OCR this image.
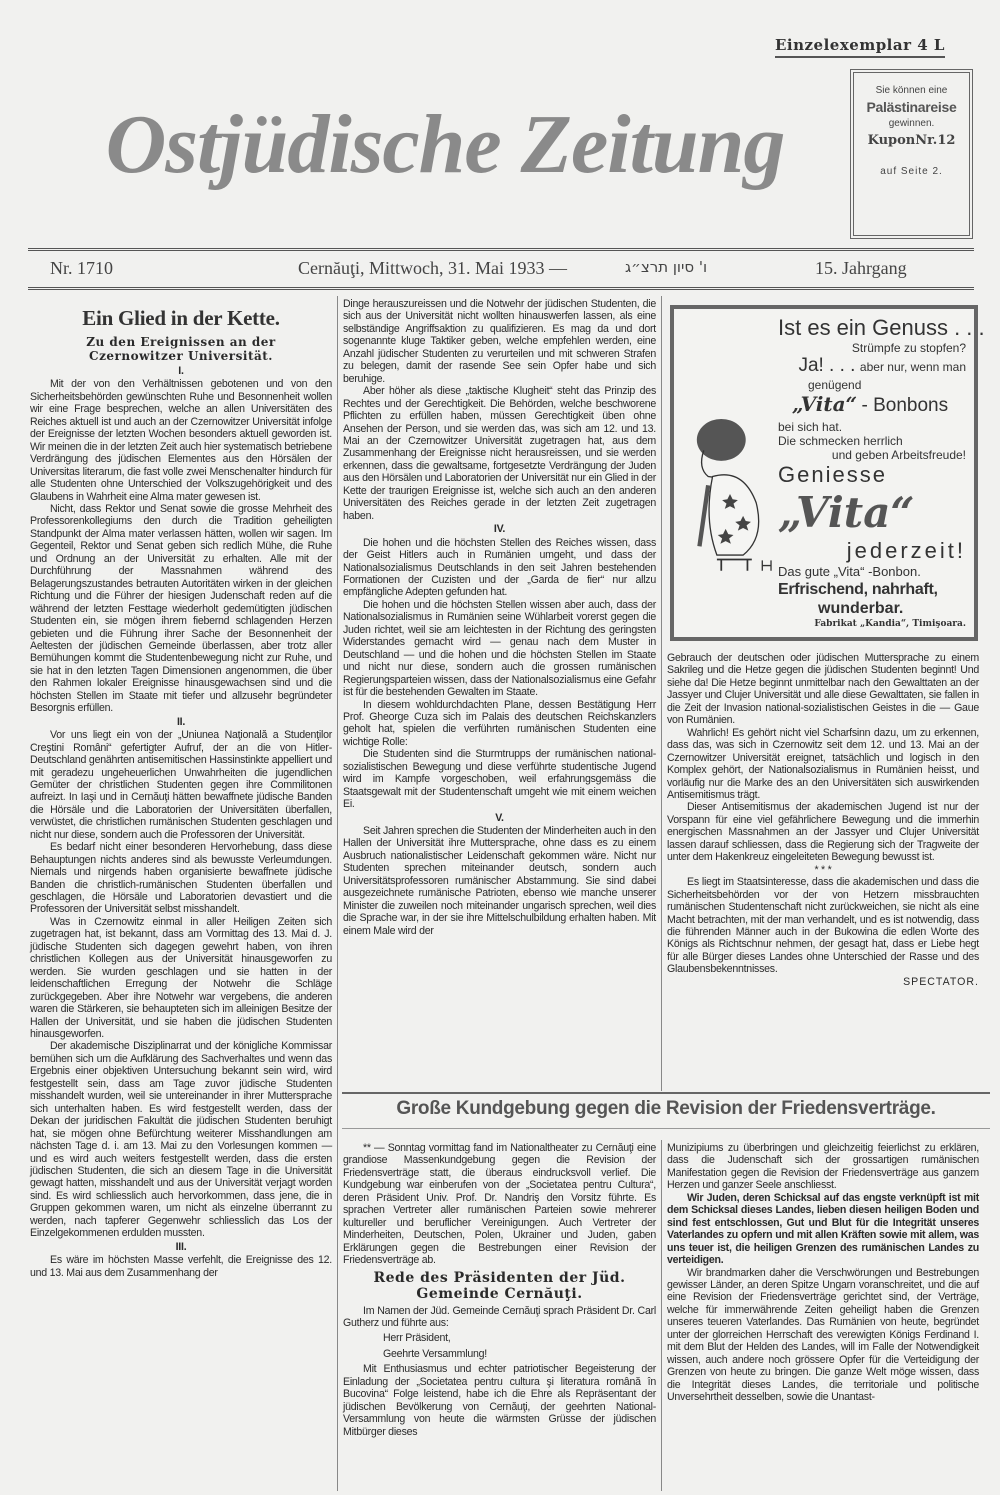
Einzelexemplar 4 L
Ostjüdische Zeitung
Sie können eine
Palästinareise
gewinnen.
KuponNr.12
auf Seite 2.
Nr. 1710	Cernăuţi, Mittwoch, 31. Mai 1933 —	ו' סיון תרצ״ג	15. Jahrgang
Ein Glied in der Kette.

Zu den Ereignissen an der Czernowitzer Universität.

I.

Mit der von den Verhältnissen gebotenen und von den Sicherheitsbehörden gewünschten Ruhe und Besonnenheit wollen wir eine Frage besprechen, welche an allen Universitäten des Reiches aktuell ist und auch an der Czernowitzer Universität infolge der Ereignisse der letzten Wochen besonders aktuell geworden ist. Wir meinen die in der letzten Zeit auch hier systematisch betriebene Verdrängung des jüdischen Elementes aus den Hörsälen der Universitas literarum, die fast volle zwei Menschenalter hindurch für alle Studenten ohne Unterschied der Volkszugehörigkeit und des Glaubens in Wahrheit eine Alma mater gewesen ist.

Nicht, dass Rektor und Senat sowie die grosse Mehrheit des Professorenkollegiums den durch die Tradition geheiligten Standpunkt der Alma mater verlassen hätten, wollen wir sagen. Im Gegenteil, Rektor und Senat geben sich redlich Mühe, die Ruhe und Ordnung an der Universität zu erhalten. Alle mit der Durchführung der Massnahmen während des Belagerungszustandes betrauten Autoritäten wirken in der gleichen Richtung und die Führer der hiesigen Judenschaft reden auf die während der letzten Festtage wiederholt gedemütigten jüdischen Studenten ein, sie mögen ihrem fiebernd schlagenden Herzen gebieten und die Führung ihrer Sache der Besonnenheit der Aeltesten der jüdischen Gemeinde überlassen, aber trotz aller Bemühungen kommt die Studentenbewegung nicht zur Ruhe, und sie hat in den letzten Tagen Dimensionen angenommen, die über den Rahmen lokaler Ereignisse hinausgewachsen sind und die höchsten Stellen im Staate mit tiefer und allzusehr begründeter Besorgnis erfüllen.

II.

Vor uns liegt ein von der „Uniunea Naţională a Studenţilor Creştini Români“ gefertigter Aufruf, der an die von Hitler-Deutschland genährten antisemitischen Hassinstinkte appelliert und mit geradezu ungeheuerlichen Unwahrheiten die jugendlichen Gemüter der christlichen Studenten gegen ihre Commilitonen aufreizt. In Iaşi und in Cernăuţi hätten bewaffnete jüdische Banden die Hörsäle und die Laboratorien der Universitäten überfallen, verwüstet, die christlichen rumänischen Studenten geschlagen und nicht nur diese, sondern auch die Professoren der Universität.

Es bedarf nicht einer besonderen Hervorhebung, dass diese Behauptungen nichts anderes sind als bewusste Verleumdungen. Niemals und nirgends haben organisierte bewaffnete jüdische Banden die christlich-rumänischen Studenten überfallen und geschlagen, die Hörsäle und Laboratorien devastiert und die Professoren der Universität selbst misshandelt.

Was in Czernowitz einmal in aller Heiligen Zeiten sich zugetragen hat, ist bekannt, dass am Vormittag des 13. Mai d. J. jüdische Studenten sich dagegen gewehrt haben, von ihren christlichen Kollegen aus der Universität hinausgeworfen zu werden. Sie wurden geschlagen und sie hatten in der leidenschaftlichen Erregung der Notwehr die Schläge zurückgegeben. Aber ihre Notwehr war vergebens, die anderen waren die Stärkeren, sie behaupteten sich im alleinigen Besitze der Hallen der Universität, und sie haben die jüdischen Studenten hinausgeworfen.

Der akademische Disziplinarrat und der königliche Kommissar bemühen sich um die Aufklärung des Sachverhaltes und wenn das Ergebnis einer objektiven Untersuchung bekannt sein wird, wird festgestellt sein, dass am Tage zuvor jüdische Studenten misshandelt wurden, weil sie untereinander in ihrer Muttersprache sich unterhalten haben. Es wird festgestellt werden, dass der Dekan der juridischen Fakultät die jüdischen Studenten beruhigt hat, sie mögen ohne Befürchtung weiterer Misshandlungen am nächsten Tage d. i. am 13. Mai zu den Vorlesungen kommen — und es wird auch weiters festgestellt werden, dass die ersten jüdischen Studenten, die sich an diesem Tage in die Universität gewagt hatten, misshandelt und aus der Universität verjagt worden sind. Es wird schliesslich auch hervorkommen, dass jene, die in Gruppen gekommen waren, um nicht als einzelne überrannt zu werden, nach tapferer Gegenwehr schliesslich das Los der Einzelgekommenen erdulden mussten.

III.

Es wäre im höchsten Masse verfehlt, die Ereignisse des 12. und 13. Mai aus dem Zusammenhang der

Dinge herauszureissen und die Notwehr der jüdischen Studenten, die sich aus der Universität nicht wollten hinauswerfen lassen, als eine selbständige Angriffsaktion zu qualifizieren. Es mag da und dort sogenannte kluge Taktiker geben, welche empfehlen werden, eine Anzahl jüdischer Studenten zu verurteilen und mit schweren Strafen zu belegen, damit der rasende See sein Opfer habe und sich beruhige.

Aber höher als diese „taktische Klugheit“ steht das Prinzip des Rechtes und der Gerechtigkeit. Die Behörden, welche beschworene Pflichten zu erfüllen haben, müssen Gerechtigkeit üben ohne Ansehen der Person, und sie werden das, was sich am 12. und 13. Mai an der Czernowitzer Universität zugetragen hat, aus dem Zusammenhang der Ereignisse nicht herausreissen, und sie werden erkennen, dass die gewaltsame, fortgesetzte Verdrängung der Juden aus den Hörsälen und Laboratorien der Universität nur ein Glied in der Kette der traurigen Ereignisse ist, welche sich auch an den anderen Universitäten des Reiches gerade in der letzten Zeit zugetragen haben.

IV.

Die hohen und die höchsten Stellen des Reiches wissen, dass der Geist Hitlers auch in Rumänien umgeht, und dass der Nationalsozialismus Deutschlands in den seit Jahren bestehenden Formationen der Cuzisten und der „Garda de fier“ nur allzu empfängliche Adepten gefunden hat.

Die hohen und die höchsten Stellen wissen aber auch, dass der Nationalsozialismus in Rumänien seine Wühlarbeit vorerst gegen die Juden richtet, weil sie am leichtesten in der Richtung des geringsten Widerstandes gemacht wird — genau nach dem Muster in Deutschland — und die hohen und die höchsten Stellen im Staate und nicht nur diese, sondern auch die grossen rumänischen Regierungsparteien wissen, dass der Nationalsozialismus eine Gefahr ist für die bestehenden Gewalten im Staate.

In diesem wohldurchdachten Plane, dessen Bestätigung Herr Prof. Gheorge Cuza sich im Palais des deutschen Reichskanzlers geholt hat, spielen die verführten rumänischen Studenten eine wichtige Rolle:

Die Studenten sind die Sturmtrupps der rumänischen national-sozialistischen Bewegung und diese verführte studentische Jugend wird im Kampfe vorgeschoben, weil erfahrungsgemäss die Staatsgewalt mit der Studentenschaft umgeht wie mit einem weichen Ei.

V.

Seit Jahren sprechen die Studenten der Minderheiten auch in den Hallen der Universität ihre Muttersprache, ohne dass es zu einem Ausbruch nationalistischer Leidenschaft gekommen wäre. Nicht nur Studenten sprechen miteinander deutsch, sondern auch Universitätsprofessoren rumänischer Abstammung. Sie sind dabei ausgezeichnete rumänische Patrioten, ebenso wie manche unserer Minister die zuweilen noch miteinander ungarisch sprechen, weil dies die Sprache war, in der sie ihre Mittelschulbildung erhalten haben. Mit einem Male wird der

Ist es ein Genuss . . .
Strümpfe zu stopfen?
Ja! . . . aber nur, wenn man
genügend
„Vita“ - Bonbons
bei sich hat.
Die schmecken herrlich
und geben Arbeitsfreude!
Geniesse
„Vita“
jederzeit!
Das gute „Vita“ -Bonbon.
Erfrischend, nahrhaft,
wunderbar.
Fabrikat „Kandia“, Timişoara.

Gebrauch der deutschen oder jüdischen Muttersprache zu einem Sakrileg und die Hetze gegen die jüdischen Studenten beginnt! Und siehe da! Die Hetze beginnt unmittelbar nach den Gewalttaten an der Jassyer und Clujer Universität und alle diese Gewalttaten, sie fallen in die Zeit der Invasion national-sozialistischen Geistes in die — Gaue von Rumänien.

Wahrlich! Es gehört nicht viel Scharfsinn dazu, um zu erkennen, dass das, was sich in Czernowitz seit dem 12. und 13. Mai an der Czernowitzer Universität ereignet, tatsächlich und logisch in den Komplex gehört, der Nationalsozialismus in Rumänien heisst, und vorläufig nur die Marke des an den Universitäten sich auswirkenden Antisemitismus trägt.

Dieser Antisemitismus der akademischen Jugend ist nur der Vorspann für eine viel gefährlichere Bewegung und die immerhin energischen Massnahmen an der Jassyer und Clujer Universität lassen darauf schliessen, dass die Regierung sich der Tragweite der unter dem Hakenkreuz eingeleiteten Bewegung bewusst ist.

* * *

Es liegt im Staatsinteresse, dass die akademischen und dass die Sicherheitsbehörden vor der von Hetzern missbrauchten rumänischen Studentenschaft nicht zurückweichen, sie nicht als eine Macht betrachten, mit der man verhandelt, und es ist notwendig, dass die führenden Männer auch in der Bukowina die edlen Worte des Königs als Richtschnur nehmen, der gesagt hat, dass er Liebe hegt für alle Bürger dieses Landes ohne Unterschied der Rasse und des Glaubensbekenntnisses.

SPECTATOR.

Große Kundgebung gegen die Revision der Friedensverträge.

** — Sonntag vormittag fand im Nationaltheater zu Cernăuţi eine grandiose Massenkundgebung gegen die Revision der Friedensverträge statt, die überaus eindrucksvoll verlief. Die Kundgebung war einberufen von der „Societatea pentru Cultura“, deren Präsident Univ. Prof. Dr. Nandriş den Vorsitz führte. Es sprachen Vertreter aller rumänischen Parteien sowie mehrerer kultureller und beruflicher Vereinigungen. Auch Vertreter der Minderheiten, Deutschen, Polen, Ukrainer und Juden, gaben Erklärungen gegen die Bestrebungen einer Revision der Friedensverträge ab.

Rede des Präsidenten der Jüd. Gemeinde Cernăuţi.

Im Namen der Jüd. Gemeinde Cernăuţi sprach Präsident Dr. Carl Gutherz und führte aus:

Herr Präsident,

Geehrte Versammlung!

Mit Enthusiasmus und echter patriotischer Begeisterung der Einladung der „Societatea pentru cultura şi literatura română în Bucovina“ Folge leistend, habe ich die Ehre als Repräsentant der jüdischen Bevölkerung von Cernăuţi, der geehrten National-Versammlung von heute die wärmsten Grüsse der jüdischen Mitbürger dieses

Munizipiums zu überbringen und gleichzeitig feierlichst zu erklären, dass die Judenschaft sich der grossartigen rumänischen Manifestation gegen die Revision der Friedensverträge aus ganzem Herzen und ganzer Seele anschliesst.

Wir Juden, deren Schicksal auf das engste verknüpft ist mit dem Schicksal dieses Landes, lieben diesen heiligen Boden und sind fest entschlossen, Gut und Blut für die Integrität unseres Vaterlandes zu opfern und mit allen Kräften sowie mit allem, was uns teuer ist, die heiligen Grenzen des rumänischen Landes zu verteidigen.

Wir brandmarken daher die Verschwörungen und Bestrebungen gewisser Länder, an deren Spitze Ungarn voranschreitet, und die auf eine Revision der Friedensverträge gerichtet sind, der Verträge, welche für immerwährende Zeiten geheiligt haben die Grenzen unseres teueren Vaterlandes. Das Rumänien von heute, begründet unter der glorreichen Herrschaft des verewigten Königs Ferdinand I. mit dem Blut der Helden des Landes, will im Falle der Notwendigkeit wissen, auch andere noch grössere Opfer für die Verteidigung der Grenzen von heute zu bringen. Die ganze Welt möge wissen, dass die Integrität dieses Landes, die territoriale und politische Unversehrtheit desselben, sowie die Unantast-
